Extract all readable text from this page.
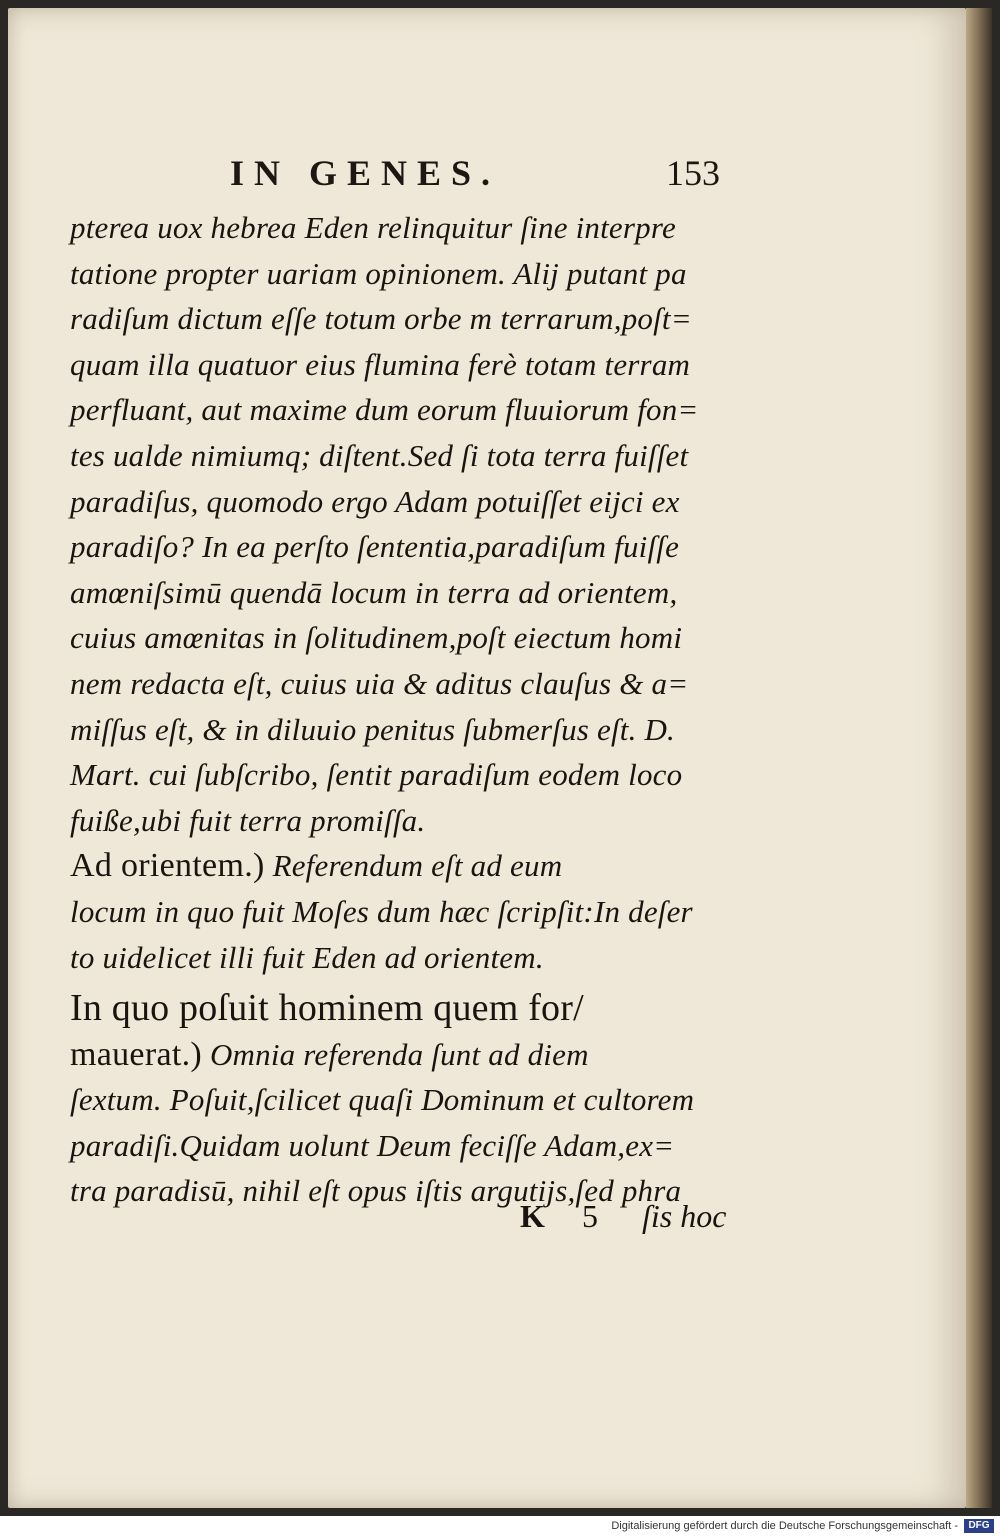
IN GENES.	153
pterea uox hebrea Eden relinquitur ſine interpre
tatione propter uariam opinionem. Alij putant pa
radiſum dictum eſſe totum orbe m terrarum,poſt=
quam illa quatuor eius flumina ferè totam terram
perfluant, aut maxime dum eorum fluuiorum fon=
tes ualde nimiumq; diſtent.Sed ſi tota terra fuiſſet
paradiſus, quomodo ergo Adam potuiſſet eijci ex
paradiſo? In ea perſto ſententia,paradiſum fuiſſe
amœniſsimū quendā locum in terra ad orientem,
cuius amœnitas in ſolitudinem,poſt eiectum homi
nem redacta eſt, cuius uia & aditus clauſus & a=
miſſus eſt, & in diluuio penitus ſubmerſus eſt. D.
Mart. cui ſubſcribo, ſentit paradiſum eodem loco
fuiße,ubi fuit terra promiſſa.
Ad orientem.) Referendum eſt ad eum
locum in quo fuit Moſes dum hæc ſcripſit:In deſer
to uidelicet illi fuit Eden ad orientem.
In quo poſuit hominem quem for/
mauerat.) Omnia referenda ſunt ad diem
ſextum. Poſuit,ſcilicet quaſi Dominum et cultorem
paradiſi.Quidam uolunt Deum feciſſe Adam,ex=
tra paradisū, nihil eſt opus iſtis argutijs,ſed phra
K 5 ſis hoc
Digitalisierung gefördert durch die Deutsche Forschungsgemeinschaft -	DFG
